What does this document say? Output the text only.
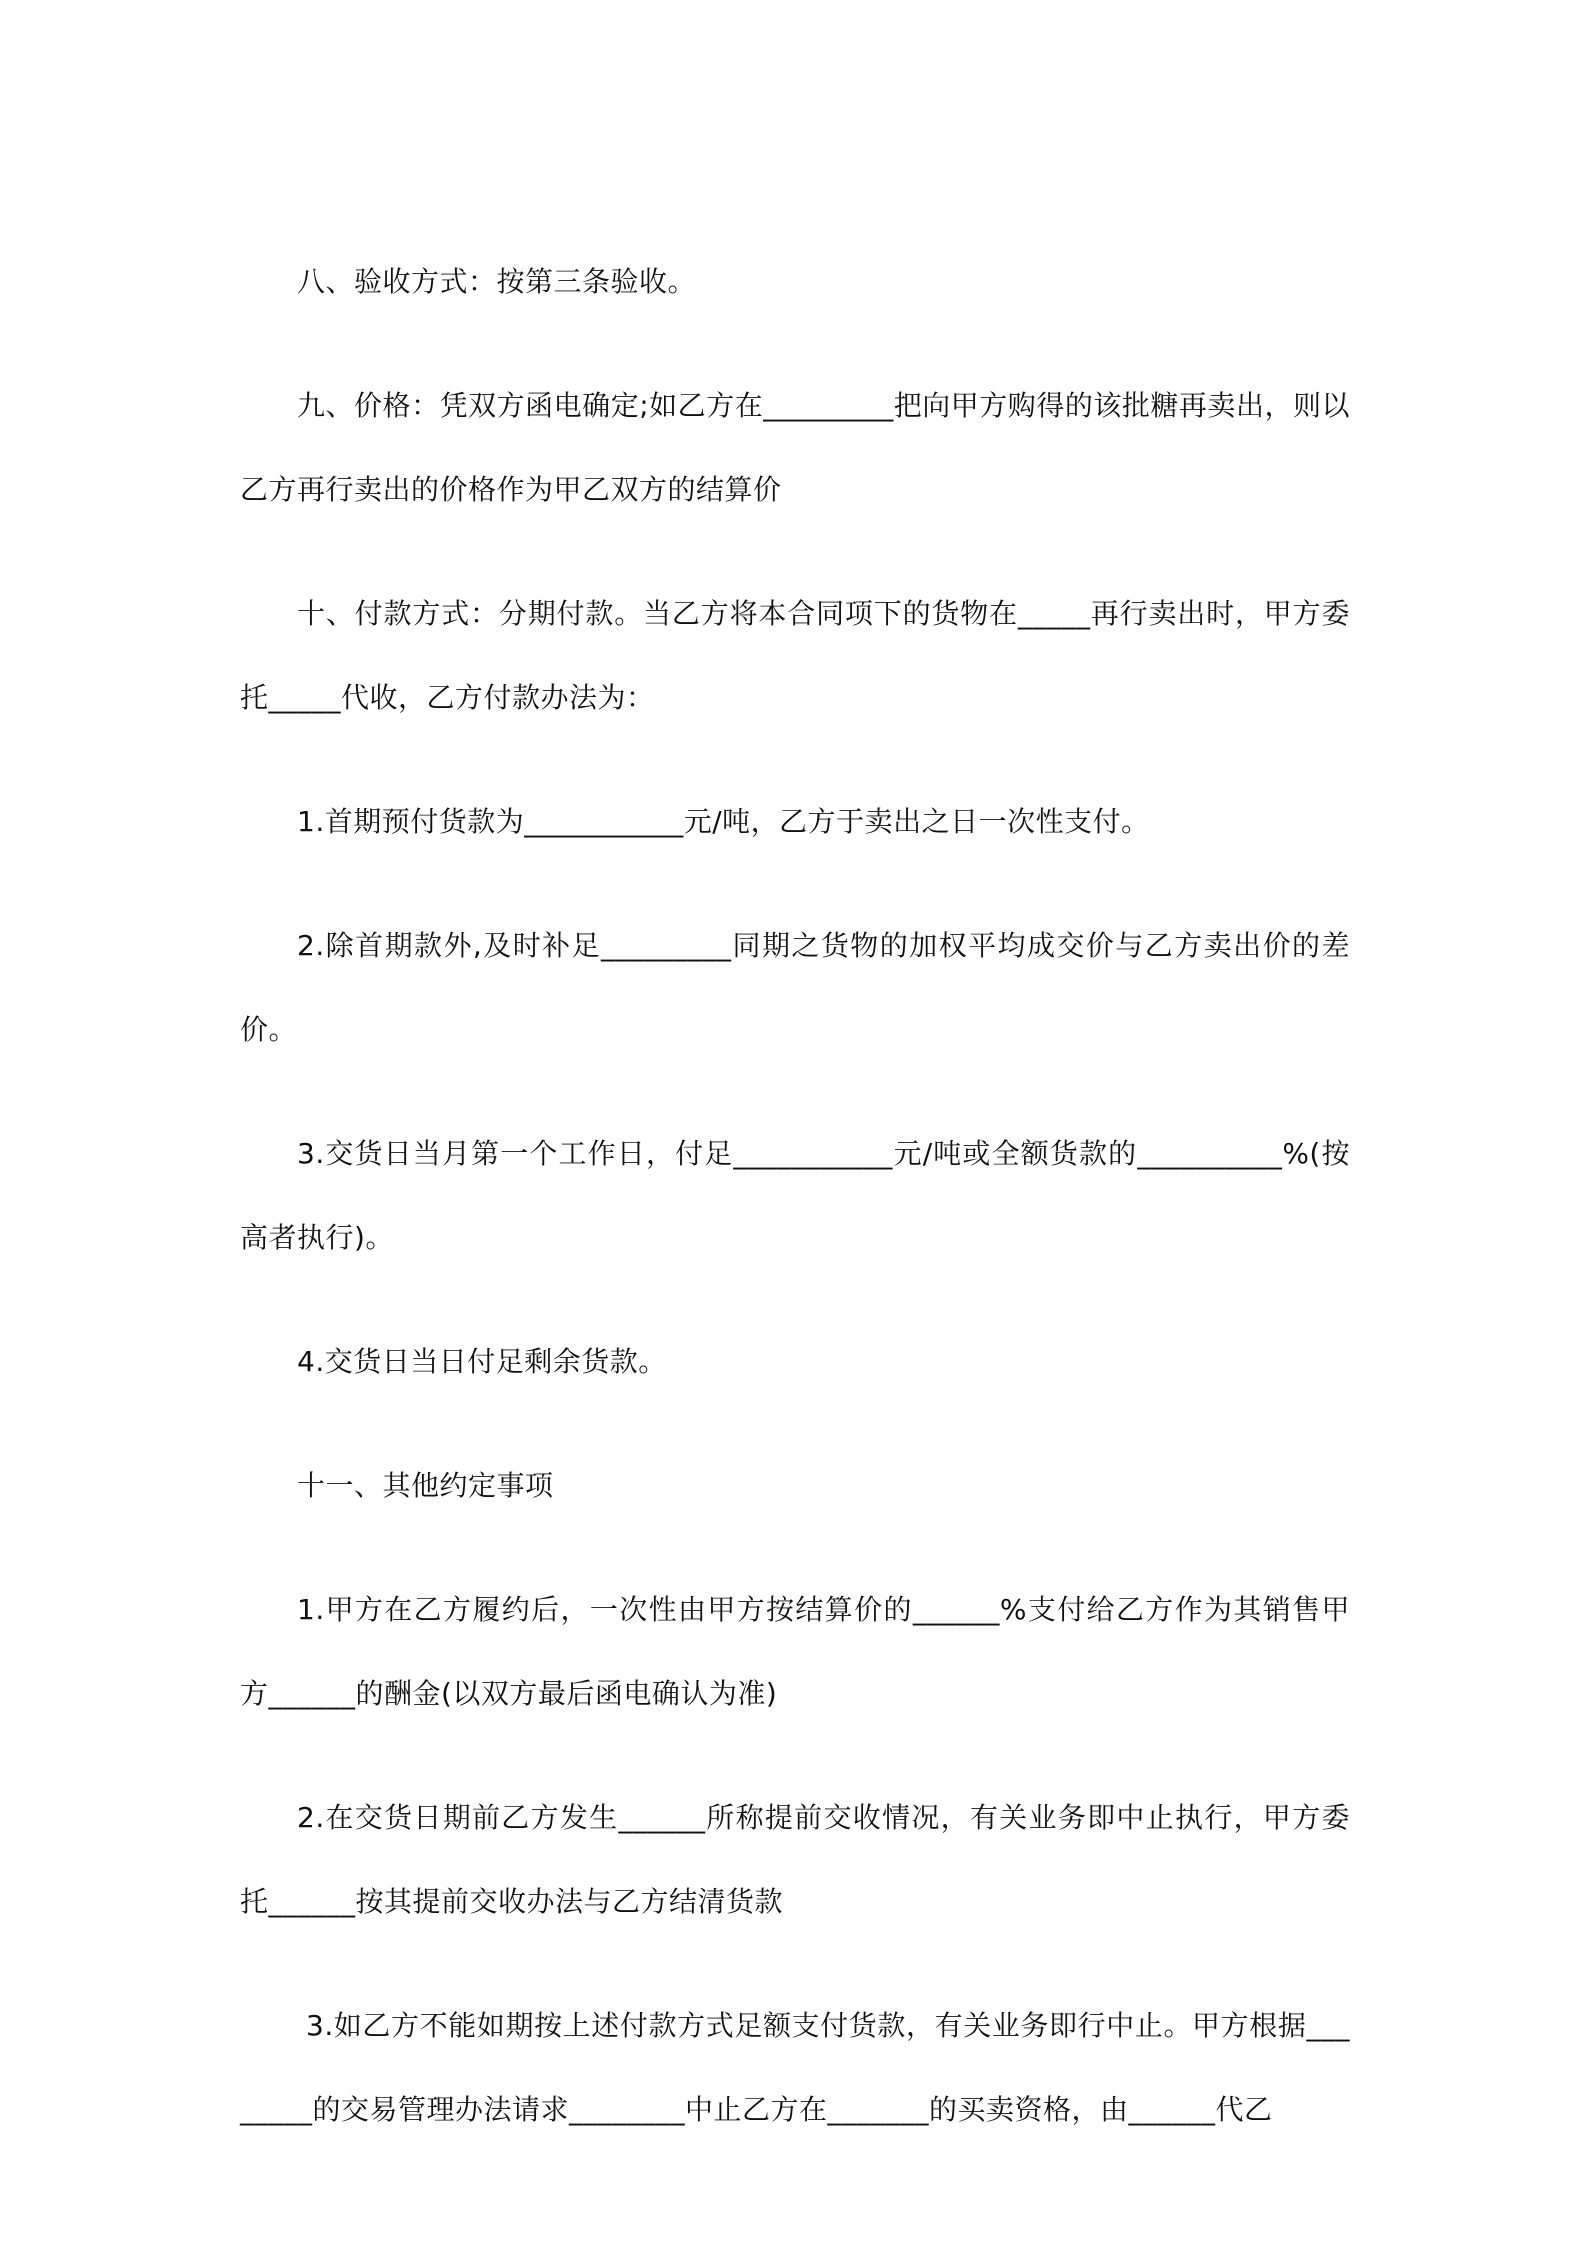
八、验收方式：按第三条验收。

九、价格：凭双方函电确定;如乙方在_________把向甲方购得的该批糖再卖出，则以乙方再行卖出的价格作为甲乙双方的结算价

十、付款方式：分期付款。当乙方将本合同项下的货物在_____再行卖出时，甲方委托_____代收，乙方付款办法为：

1.首期预付货款为___________元/吨，乙方于卖出之日一次性支付。

2.除首期款外,及时补足_________同期之货物的加权平均成交价与乙方卖出价的差价。

3.交货日当月第一个工作日，付足___________元/吨或全额货款的__________%(按高者执行)。

4.交货日当日付足剩余货款。

十一、其他约定事项

1.甲方在乙方履约后，一次性由甲方按结算价的______%支付给乙方作为其销售甲方______的酬金(以双方最后函电确认为准)

2.在交货日期前乙方发生______所称提前交收情况，有关业务即中止执行，甲方委托______按其提前交收办法与乙方结清货款

3.如乙方不能如期按上述付款方式足额支付货款，有关业务即行中止。甲方根据________的交易管理办法请求________中止乙方在_______的买卖资格，由______代乙
